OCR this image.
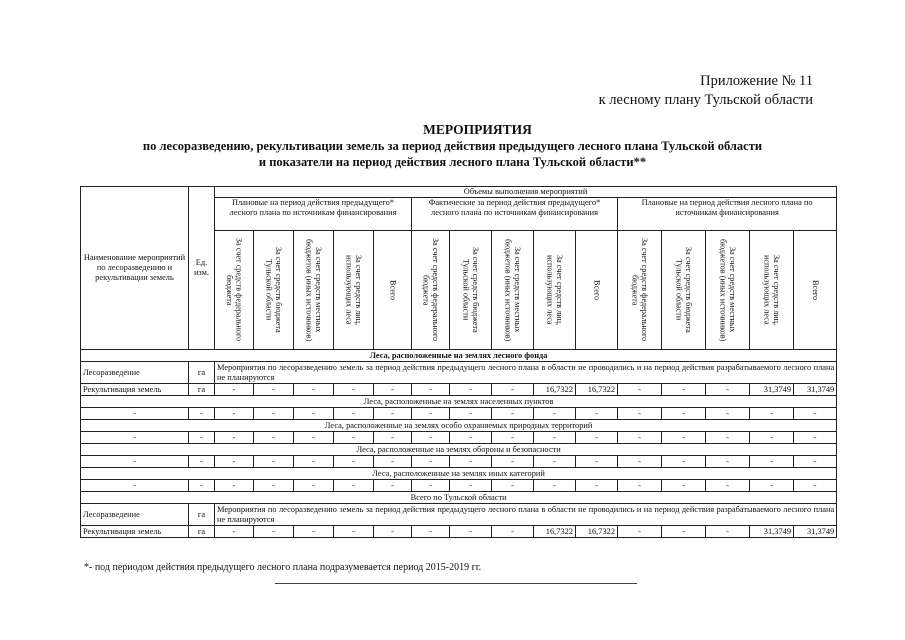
Приложение № 11
к лесному плану Тульской области
МЕРОПРИЯТИЯ
по лесоразведению, рекультивации земель за период действия предыдущего лесного плана Тульской области
и показатели на период действия лесного плана Тульской области**
Наименование мероприятий по лесоразведению и рекультивации земель	Ед. изм.	Объемы выполнения мероприятий														
		Плановые на период действия предыдущего* лесного плана по источникам финансирования					Фактические за период действия предыдущего* лесного плана по источникам финансирования					Плановые на период действия лесного плана по источникам финансирования				

		За счет средств федерального бюджета	За счет средств бюджета Тульской области	За счет средств местных бюджетов (иных источников)	За счет средств лиц, использующих леса	Всего	За счет средств федерального бюджета	За счет средств бюджета Тульской области	За счет средств местных бюджетов (иных источников)	За счет средств лиц, использующих леса	Всего	За счет средств федерального бюджета	За счет средств бюджета Тульской области	За счет средств местных бюджетов (иных источников)	За счет средств лиц, использующих леса	Всего

Леса, расположенные на землях лесного фонда																
Лесоразведение	га	Мероприятия по лесоразведению земель за период действия предыдущего лесного плана в области не проводились и на период действия разрабатываемого лесного плана не планируются														
Рекультивация земель	га	-	-	-	-	-	-	-	-	16,7322	16,7322	-	-	-	31,3749	31,3749
Леса, расположенные на землях населенных пунктов																
-	-	-	-	-	-	-	-	-	-	-	-	-	-	-	-	-
Леса, расположенные на землях особо охраняемых природных территорий																
-	-	-	-	-	-	-	-	-	-	-	-	-	-	-	-	-
Леса, расположенные на землях обороны и безопасности																
-	-	-	-	-	-	-	-	-	-	-	-	-	-	-	-	-
Леса, расположенные на землях иных категорий																
-	-	-	-	-	-	-	-	-	-	-	-	-	-	-	-	-
Всего по Тульской области																
Лесоразведение	га	Мероприятия по лесоразведению земель за период действия предыдущего лесного плана в области не проводились и на период действия разрабатываемого лесного плана не планируются														
Рекультивация земель	га	-	-	-	-	-	-	-	-	16,7322	16,7322	-	-	-	31,3749	31,3749
*- под периодом действия предыдущего лесного плана подразумевается период 2015-2019 гг.
